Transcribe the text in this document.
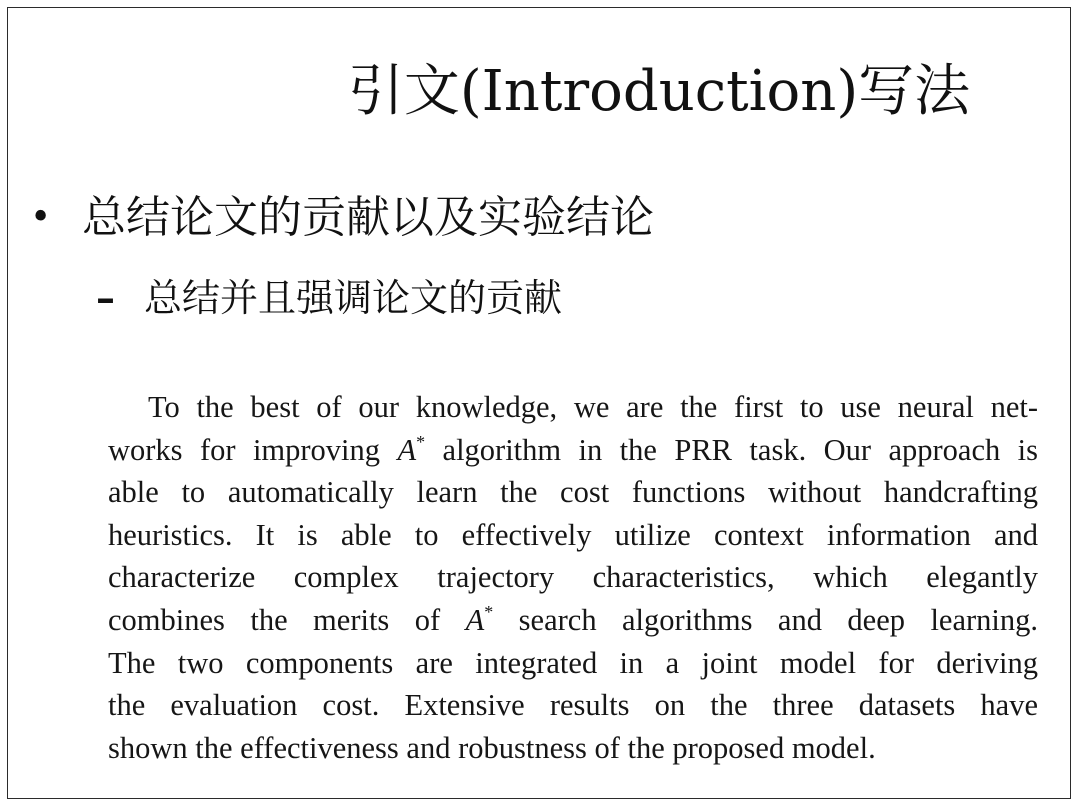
引文(Introduction)写法
• 总结论文的贡献以及实验结论
– 总结并且强调论文的贡献
To the best of our knowledge, we are the first to use neural net-
works for improving A* algorithm in the PRR task. Our approach is
able to automatically learn the cost functions without handcrafting
heuristics. It is able to effectively utilize context information and
characterize complex trajectory characteristics, which elegantly
combines the merits of A* search algorithms and deep learning.
The two components are integrated in a joint model for deriving
the evaluation cost. Extensive results on the three datasets have
shown the effectiveness and robustness of the proposed model.
